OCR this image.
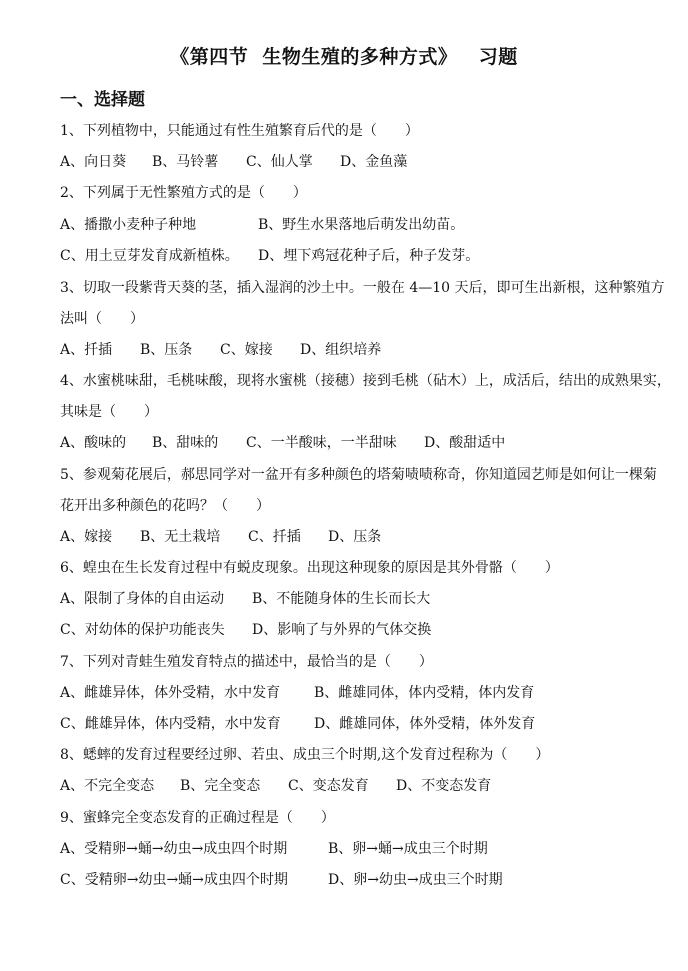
《第四节  生物生殖的多种方式》   习题
一、选择题
1、下列植物中，只能通过有性生殖繁育后代的是（　　）
A、向日葵 B、马铃薯 C、仙人掌 D、金鱼藻
2、下列属于无性繁殖方式的是（　　）
A、播撒小麦种子种地	B、野生水果落地后萌发出幼苗。
C、用土豆芽发育成新植株。 D、埋下鸡冠花种子后，种子发芽。
3、切取一段紫背天葵的茎，插入湿润的沙土中。一般在 4—10 天后，即可生出新根，这种繁殖方
法叫（　　）
A、扦插 B、压条 C、嫁接 D、组织培养
4、水蜜桃味甜，毛桃味酸，现将水蜜桃（接穗）接到毛桃（砧木）上，成活后，结出的成熟果实，
其味是（　　）
A、酸味的 B、甜味的 C、一半酸味，一半甜味 D、酸甜适中
5、参观菊花展后，郝思同学对一盆开有多种颜色的塔菊啧啧称奇，你知道园艺师是如何让一棵菊
花开出多种颜色的花吗？（　　）
A、嫁接 B、无土栽培 C、扦插 D、压条
6、蝗虫在生长发育过程中有蜕皮现象。出现这种现象的原因是其外骨骼（　　）
A、限制了身体的自由运动 B、不能随身体的生长而长大
C、对幼体的保护功能丧失 D、影响了与外界的气体交换
7、下列对青蛙生殖发育特点的描述中，最恰当的是（　　）
A、雌雄异体，体外受精，水中发育 B、雌雄同体，体内受精，体内发育
C、雌雄异体，体内受精，水中发育 D、雌雄同体，体外受精，体外发育
8、蟋蟀的发育过程要经过卵、若虫、成虫三个时期,这个发育过程称为（　　）
A、不完全变态 B、完全变态 C、变态发育 D、不变态发育
9、蜜蜂完全变态发育的正确过程是（　　）
A、受精卵→蛹→幼虫→成虫四个时期	B、卵→蛹→成虫三个时期
C、受精卵→幼虫→蛹→成虫四个时期	D、卵→幼虫→成虫三个时期
